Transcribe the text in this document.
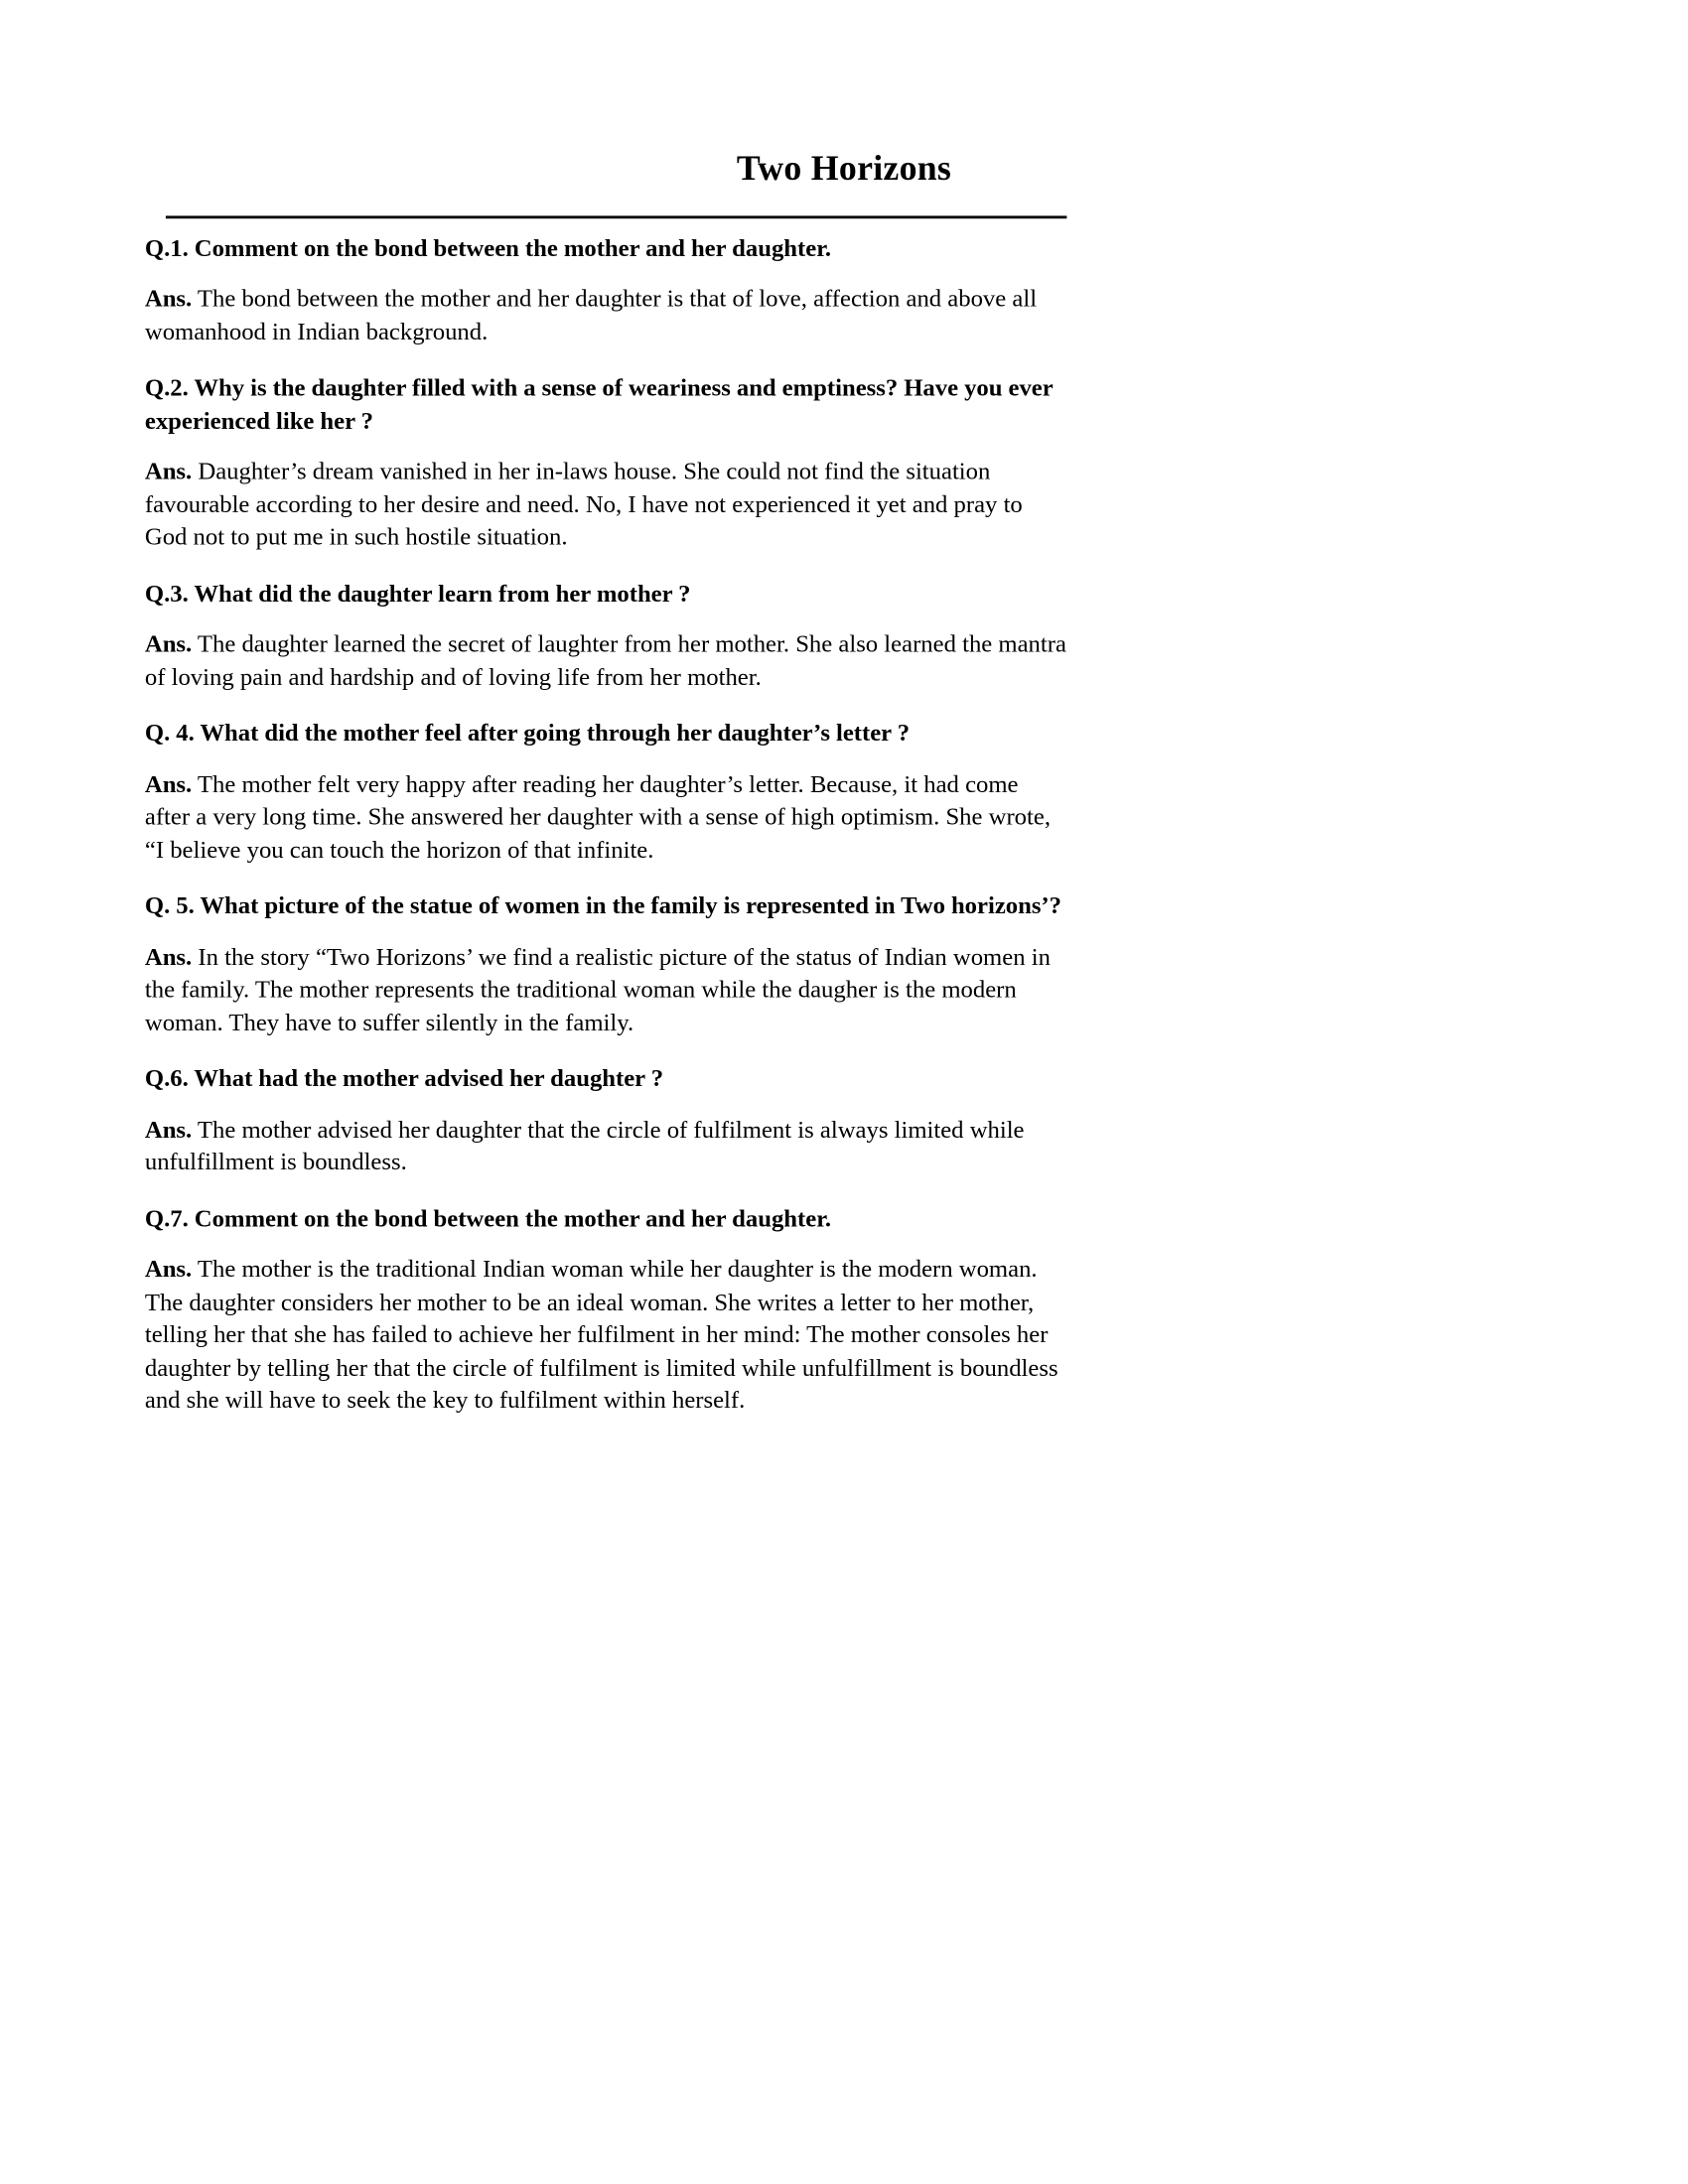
Two Horizons

Q.1. Comment on the bond between the mother and her daughter.

Ans. The bond between the mother and her daughter is that of love, affection and above all womanhood in Indian background.

Q.2. Why is the daughter filled with a sense of weariness and emptiness? Have you ever experienced like her ?

Ans. Daughter’s dream vanished in her in-laws house. She could not find the situation favourable according to her desire and need. No, I have not experienced it yet and pray to God not to put me in such hostile situation.

Q.3. What did the daughter learn from her mother ?

Ans. The daughter learned the secret of laughter from her mother. She also learned the mantra of loving pain and hardship and of loving life from her mother.

Q. 4. What did the mother feel after going through her daughter’s letter ?

Ans. The mother felt very happy after reading her daughter’s letter. Because, it had come after a very long time. She answered her daughter with a sense of high optimism. She wrote, “I believe you can touch the horizon of that infinite.

Q. 5. What picture of the statue of women in the family is represented in Two horizons’?

Ans. In the story “Two Horizons’ we find a realistic picture of the status of Indian women in the family. The mother represents the traditional woman while the daugher is the modern woman. They have to suffer silently in the family.

Q.6. What had the mother advised her daughter ?

Ans. The mother advised her daughter that the circle of fulfilment is always limited while unfulfillment is boundless.

Q.7. Comment on the bond between the mother and her daughter.

Ans. The mother is the traditional Indian woman while her daughter is the modern woman. The daughter considers her mother to be an ideal woman. She writes a letter to her mother, telling her that she has failed to achieve her fulfilment in her mind: The mother consoles her daughter by telling her that the circle of fulfilment is limited while unfulfillment is boundless and she will have to seek the key to fulfilment within herself.
